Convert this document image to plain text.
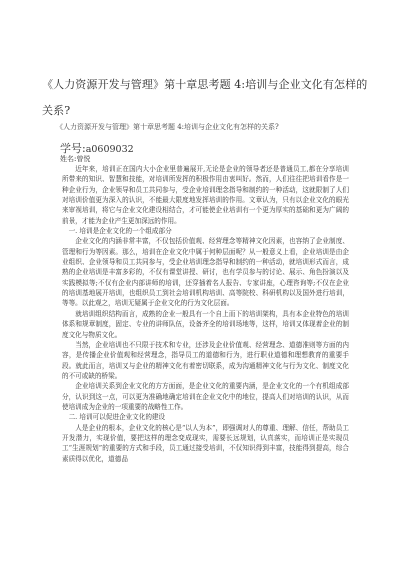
《人力资源开发与管理》第十章思考题 4:培训与企业文化有怎样的关系?
《人力资源开发与管理》第十章思考题 4:培训与企业文化有怎样的关系?
学号:a0609032
姓名:曾悦

近年来，培训正在国内大小企业里普遍展开,无论是企业的领导者还是普通员工,都在分享培训所带来的知识、智慧和技能，对培训所发挥的积极作用由衷叫好。然而，人们往往把培训看作是一种企业行为，企业领导和员工共同参与，受企业培训理念指导和制约的一种活动，这就限制了人们对培训价值更为深入的认识，不能最大限度地发挥培训的作用。文章认为，只有以企业文化的眼光来审视培训，将它与企业文化建设相结合，才可能使企业培训有一个更为厚实的基础和更为广阔的前景，才能为企业产生更加深远的作用。

一. 培训是企业文化的一个组成部分

企业文化的内涵非常丰富，不仅包括价值观、经营理念等精神文化因素，也容纳了企业制度、管理和行为等因素。那么，培训在企业文化中属于何种层面呢？从一般意义上看，企业培训是由企业组织、企业领导和员工共同参与，受企业培训理念指导和制约的一种活动，就培训形式而言，成熟的企业培训是丰富多彩的，不仅有课堂讲授、研讨，也有学员参与的讨论、展示、角色扮演以及实践模拟等;不仅有企业内部讲师的培训，还穿插着名人报告、专家讲座，心理咨询等;不仅在企业的培训基地展开培训，也组织员工到社会培训机构培训、高等院校、科研机构以及国外进行培训，等等。以此观之，培训无疑属于企业文化的行为文化层面。

就培训组织结构而言，成熟的企业一般具有一个自上而下的培训架构，具有本企业特色的培训体系和规章制度，固定、专业的讲师队伍，设备齐全的培训场地等，这样，培训又体现着企业的制度文化与物质文化。

当然，企业培训也不只限于技术和专业，还涉及企业价值观、经营理念、道德准则等方面的内容，是传播企业价值观和经营理念，指导员工的道德和行为，进行职业道德和理想教育的重要手段。就此而言，培训又与企业的精神文化有着密切联系，成为沟通精神文化与行为文化、制度文化的不可或缺的桥梁。

企业培训关系到企业文化的方方面面，是企业文化的重要内涵，是企业文化的一个有机组成部分，认识到这一点，可以更为准确地确定培训在企业文化中的地位，提高人们对培训的认识，从而使培训成为企业的一项重要的战略性工作。

二. 培训可以促进企业文化的建设

人是企业的根本，企业文化的核心是“以人为本”，即强调对人的尊重、理解、信任，帮助员工开发潜力，实现价值，要把这样的理念变成现实，需要长远规划，认真落实，而培训正是实现员工“生涯规划”的重要的方式和手段，员工通过接受培训，不仅知识得到丰富，技能得到提高，综合素质得以优化，道德品
